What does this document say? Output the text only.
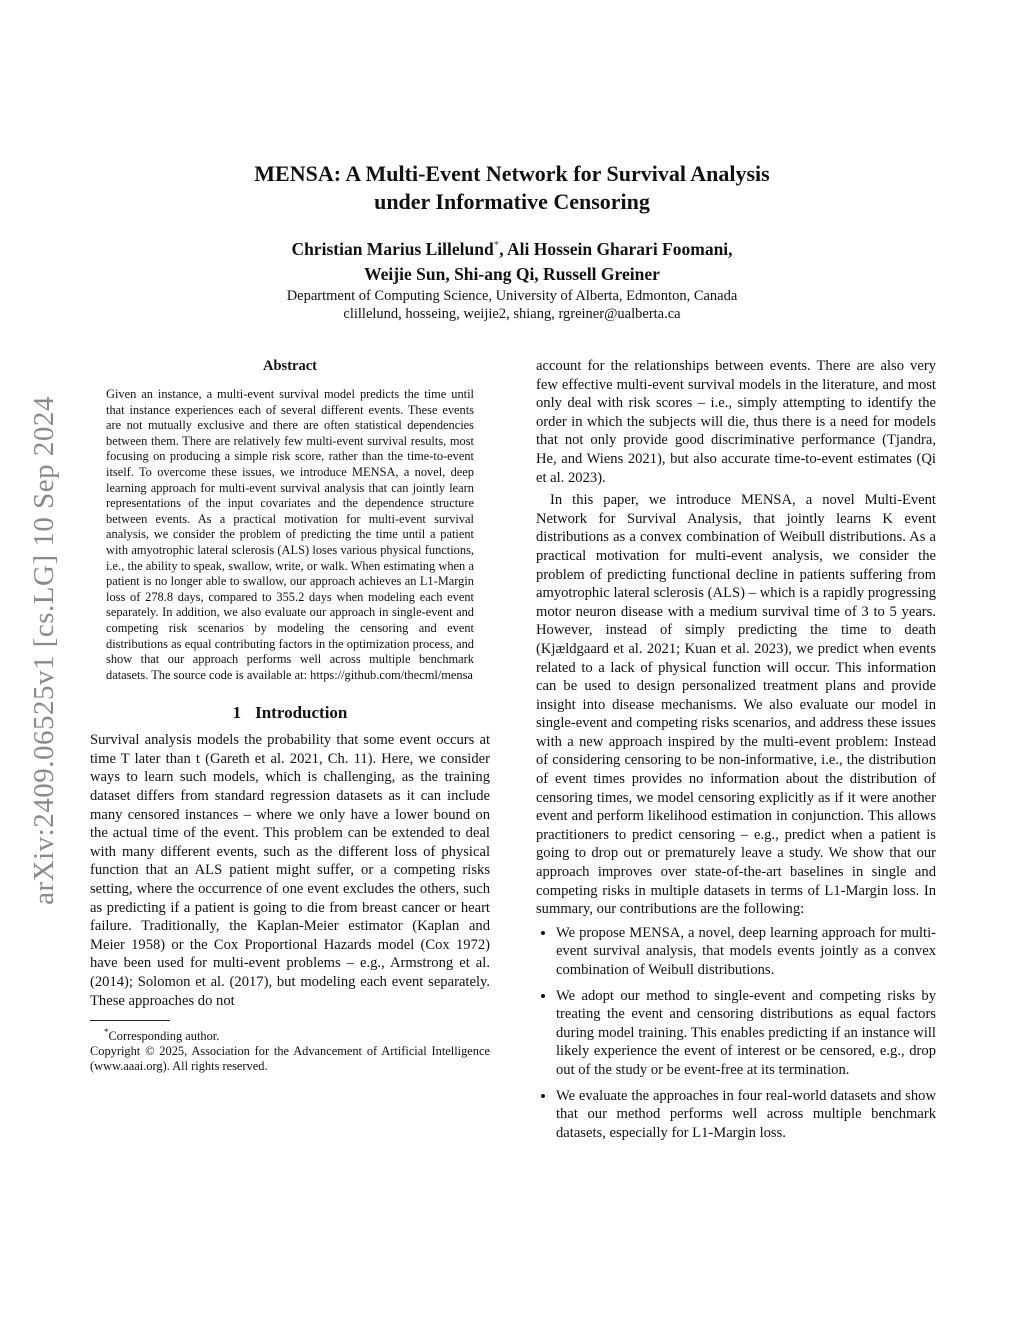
arXiv:2409.06525v1 [cs.LG] 10 Sep 2024
MENSA: A Multi-Event Network for Survival Analysis
under Informative Censoring
Christian Marius Lillelund*, Ali Hossein Gharari Foomani,
Weijie Sun, Shi-ang Qi, Russell Greiner
Department of Computing Science, University of Alberta, Edmonton, Canada
clillelund, hosseing, weijie2, shiang, rgreiner@ualberta.ca
Abstract

Given an instance, a multi-event survival model predicts the time until that instance experiences each of several different events. These events are not mutually exclusive and there are often statistical dependencies between them. There are relatively few multi-event survival results, most focusing on producing a simple risk score, rather than the time-to-event itself. To overcome these issues, we introduce MENSA, a novel, deep learning approach for multi-event survival analysis that can jointly learn representations of the input covariates and the dependence structure between events. As a practical motivation for multi-event survival analysis, we consider the problem of predicting the time until a patient with amyotrophic lateral sclerosis (ALS) loses various physical functions, i.e., the ability to speak, swallow, write, or walk. When estimating when a patient is no longer able to swallow, our approach achieves an L1-Margin loss of 278.8 days, compared to 355.2 days when modeling each event separately. In addition, we also evaluate our approach in single-event and competing risk scenarios by modeling the censoring and event distributions as equal contributing factors in the optimization process, and show that our approach performs well across multiple benchmark datasets. The source code is available at: https://github.com/thecml/mensa

1 Introduction

Survival analysis models the probability that some event occurs at time T later than t (Gareth et al. 2021, Ch. 11). Here, we consider ways to learn such models, which is challenging, as the training dataset differs from standard regression datasets as it can include many censored instances – where we only have a lower bound on the actual time of the event. This problem can be extended to deal with many different events, such as the different loss of physical function that an ALS patient might suffer, or a competing risks setting, where the occurrence of one event excludes the others, such as predicting if a patient is going to die from breast cancer or heart failure. Traditionally, the Kaplan-Meier estimator (Kaplan and Meier 1958) or the Cox Proportional Hazards model (Cox 1972) have been used for multi-event problems – e.g., Armstrong et al. (2014); Solomon et al. (2017), but modeling each event separately. These approaches do not

*Corresponding author.
Copyright © 2025, Association for the Advancement of Artificial Intelligence (www.aaai.org). All rights reserved.

account for the relationships between events. There are also very few effective multi-event survival models in the literature, and most only deal with risk scores – i.e., simply attempting to identify the order in which the subjects will die, thus there is a need for models that not only provide good discriminative performance (Tjandra, He, and Wiens 2021), but also accurate time-to-event estimates (Qi et al. 2023).

In this paper, we introduce MENSA, a novel Multi-Event Network for Survival Analysis, that jointly learns K event distributions as a convex combination of Weibull distributions. As a practical motivation for multi-event analysis, we consider the problem of predicting functional decline in patients suffering from amyotrophic lateral sclerosis (ALS) – which is a rapidly progressing motor neuron disease with a medium survival time of 3 to 5 years. However, instead of simply predicting the time to death (Kjældgaard et al. 2021; Kuan et al. 2023), we predict when events related to a lack of physical function will occur. This information can be used to design personalized treatment plans and provide insight into disease mechanisms. We also evaluate our model in single-event and competing risks scenarios, and address these issues with a new approach inspired by the multi-event problem: Instead of considering censoring to be non-informative, i.e., the distribution of event times provides no information about the distribution of censoring times, we model censoring explicitly as if it were another event and perform likelihood estimation in conjunction. This allows practitioners to predict censoring – e.g., predict when a patient is going to drop out or prematurely leave a study. We show that our approach improves over state-of-the-art baselines in single and competing risks in multiple datasets in terms of L1-Margin loss. In summary, our contributions are the following:

• We propose MENSA, a novel, deep learning approach for multi-event survival analysis, that models events jointly as a convex combination of Weibull distributions.
• We adopt our method to single-event and competing risks by treating the event and censoring distributions as equal factors during model training. This enables predicting if an instance will likely experience the event of interest or be censored, e.g., drop out of the study or be event-free at its termination.
• We evaluate the approaches in four real-world datasets and show that our method performs well across multiple benchmark datasets, especially for L1-Margin loss.
